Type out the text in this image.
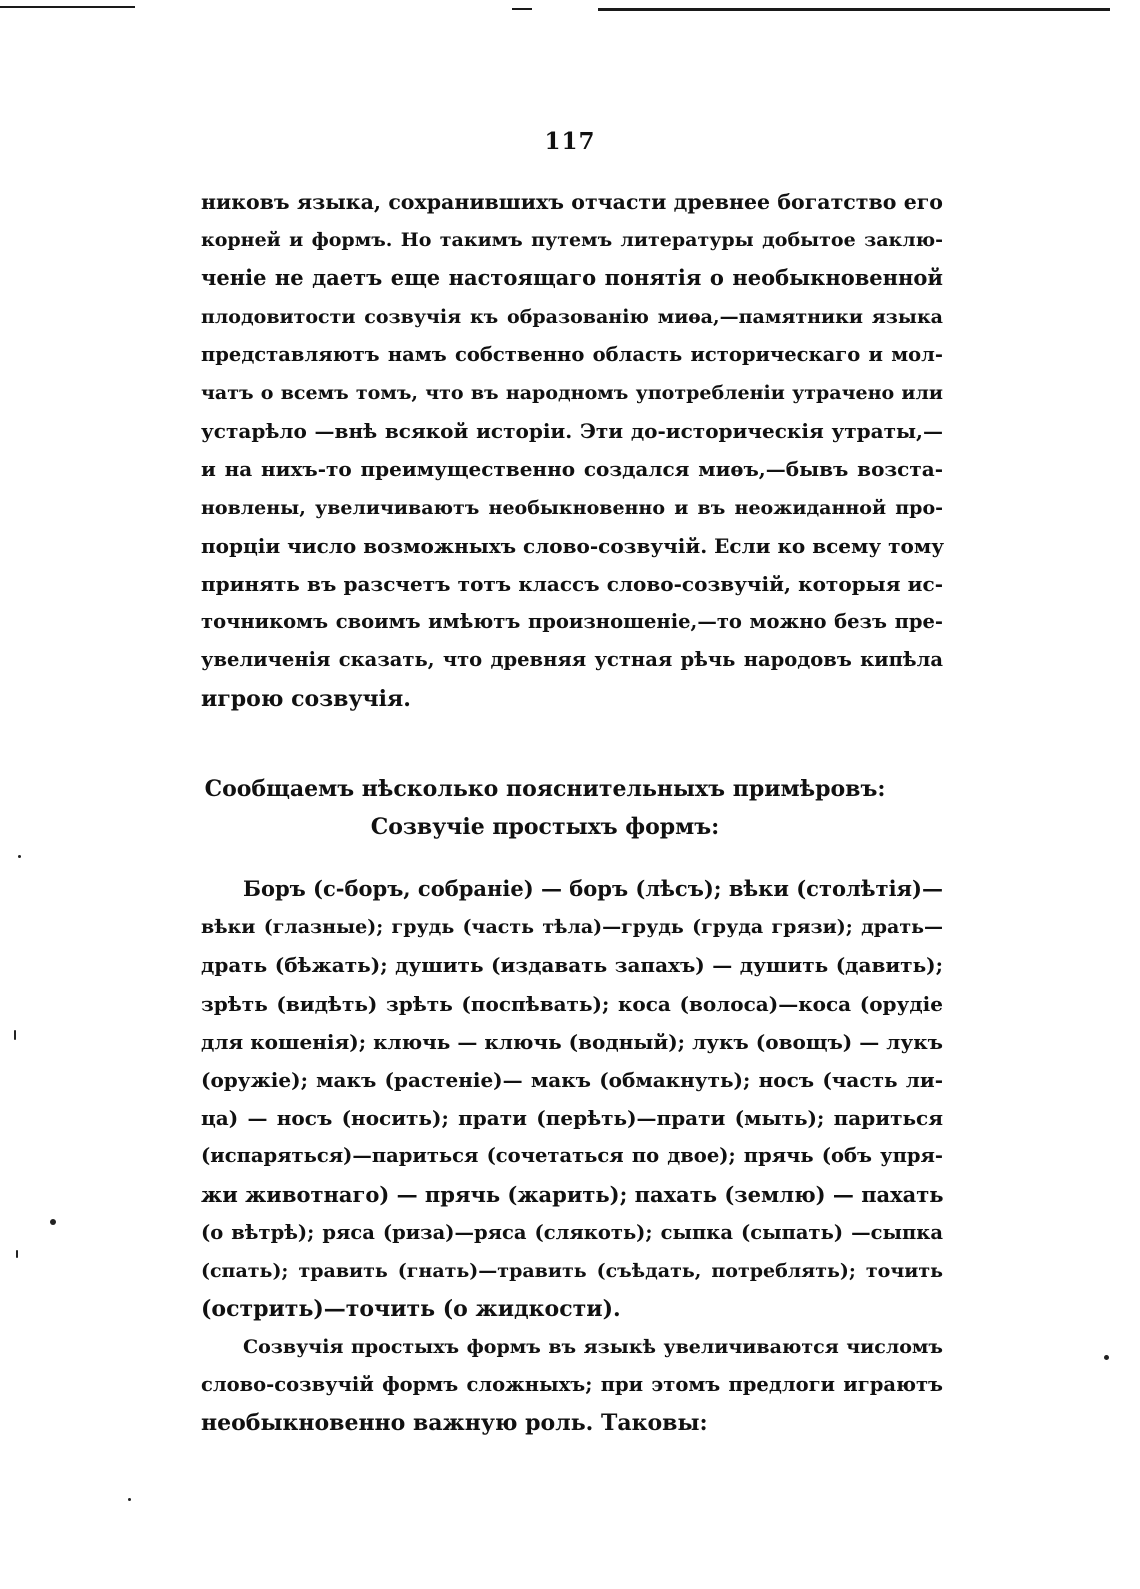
117
никовъ языка, сохранившихъ отчасти древнее богатство его
корней и формъ. Но такимъ путемъ литературы добытое заклю-
ченіе не даетъ еще настоящаго понятія о необыкновенной
плодовитости созвучія къ образованію миѳа,—памятники языка
представляютъ намъ собственно область историческаго и мол-
чатъ о всемъ томъ, что въ народномъ употребленіи утрачено или
устарѣло —внѣ всякой исторіи. Эти до-историческія утраты,—
и на нихъ-то преимущественно создался миѳъ,—бывъ возста-
новлены, увеличиваютъ необыкновенно и въ неожиданной про-
порціи число возможныхъ слово-созвучій. Если ко всему тому
принять въ разсчетъ тотъ классъ слово-созвучій, которыя ис-
точникомъ своимъ имѣютъ произношеніе,—то можно безъ пре-
увеличенія сказать, что древняя устная рѣчь народовъ кипѣла
игрою созвучія.
Сообщаемъ нѣсколько пояснительныхъ примѣровъ:
Созвучіе простыхъ формъ:
Боръ (с-боръ, собраніе) — боръ (лѣсъ); вѣки (столѣтія)—
вѣки (глазные); грудь (часть тѣла)—грудь (груда грязи); драть—
драть (бѣжать); душить (издавать запахъ) — душить (давить);
зрѣть (видѣть) зрѣть (поспѣвать); коса (волоса)—коса (орудіе
для кошенія); ключь — ключь (водный); лукъ (овощъ) — лукъ
(оружіе); макъ (растеніе)— макъ (обмакнуть); носъ (часть ли-
ца) — носъ (носить); прати (перѣть)—прати (мыть); париться
(испаряться)—париться (сочетаться по двое); прячь (объ упря-
жи животнаго) — прячь (жарить); пахать (землю) — пахать
(о вѣтрѣ); ряса (риза)—ряса (слякоть); сыпка (сыпать) —сыпка
(спать); травить (гнать)—травить (съѣдать, потреблять); точить
(острить)—точить (о жидкости).
Созвучія простыхъ формъ въ языкѣ увеличиваются числомъ
слово-созвучій формъ сложныхъ; при этомъ предлоги играютъ
необыкновенно важную роль. Таковы:
